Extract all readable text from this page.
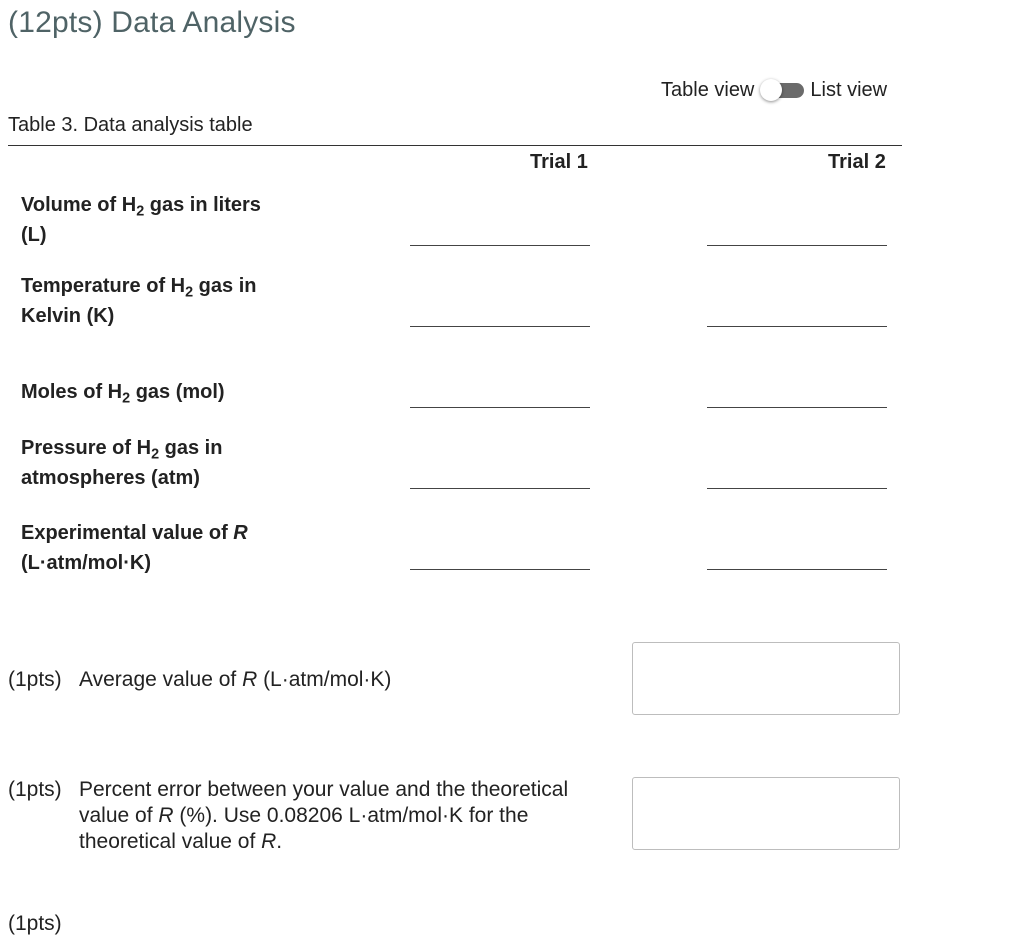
(12pts) Data Analysis
Table view	List view
Table 3. Data analysis table
Trial 1	Trial 2
Volume of $H_2$ gas in liters
(L)
Temperature of $H_2$ gas in
Kelvin (K)
Moles of $H_2$ gas (mol)
Pressure of $H_2$ gas in
atmospheres (atm)
Experimental value of R
(L·atm/mol·K)
(1pts) Average value of R (L·atm/mol·K)
(1pts) Percent error between your value and the theoretical
value of R (%). Use 0.08206 L·atm/mol·K for the
theoretical value of R.
(1pts)
